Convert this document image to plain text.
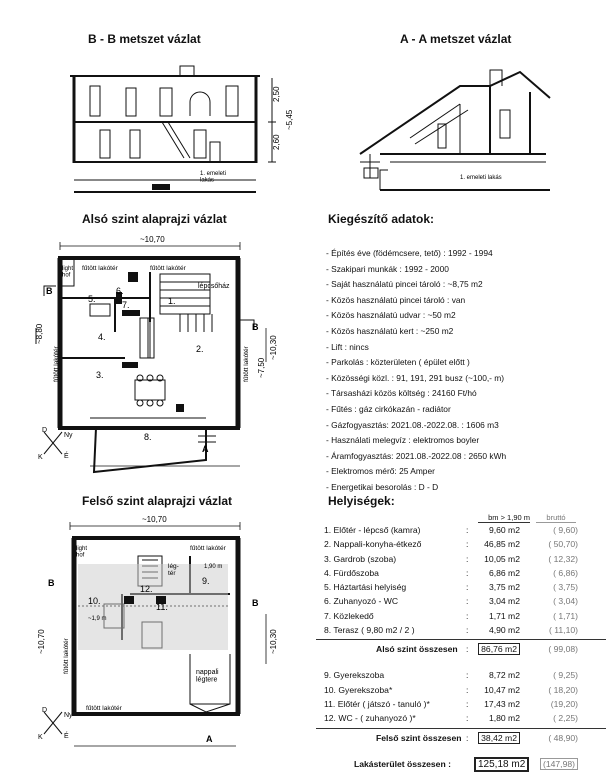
B - B metszet vázlat	A - A metszet vázlat
Alsó szint alaprajzi vázlat	Kiegészítő adatok:
Felső szint alaprajzi vázlat	Helyiségek:
2,50
2,60
~5,45
1. emeleti lakás	1. emeleti lakás
~10,70
fűtött lakótér	fűtött lakótér
fűtött lakótér	fűtött lakótér
~8,80
~10,30
~7,50
lépcsőház
light hof
1.
2.
3.
4.
5.
6.
7.
8.
A
B
B
D
Ny
K	É
~10,70
fűtött lakótér
fűtött lakótér
fűtött lakótér
~10,70	~10,30
light hof
nappali légtere
1,90 m
~1,9 m
lég-tér
9.
10.
11.
12.
A
B
B
D
Ny
K	É
- Építés éve (födémcsere, tető) : 1992 - 1994
- Szakipari munkák : 1992 - 2000
- Saját használatú pincei tároló : ~8,75 m2
- Közös használatú pincei tároló : van
- Közös használatú udvar : ~50 m2
- Közös használatú kert : ~250 m2
- Lift : nincs
- Parkolás : közterületen ( épület előtt )
- Közösségi közl. : 91, 191, 291 busz (~100,- m)
- Társasházi közös költség : 24160 Ft/hó
- Fűtés : gáz cirkókazán - radiátor
- Gázfogyasztás: 2021.08.-2022.08. : 1606 m3
- Használati melegvíz : elektromos boyler
- Áramfogyasztás: 2021.08.-2022.08 : 2650 kWh
- Elektromos mérő: 25 Amper
- Energetikai besorolás : D - D
bm > 1,90 m	bruttó
1. Előtér - lépcső (kamra)	:	9,60 m2	( 9,60)
2. Nappali-konyha-étkező	:	46,85 m2	( 50,70)
3. Gardrob (szoba)	:	10,05 m2	( 12,32)
4. Fürdőszoba	:	6,86 m2	( 6,86)
5. Háztartási helyiség	:	3,75 m2	( 3,75)
6. Zuhanyozó - WC	:	3,04 m2	( 3,04)
7. Közlekedő	:	1,71 m2	( 1,71)
8. Terasz ( 9,80 m2 / 2 )	:	4,90 m2	( 11,10)
Alsó szint összesen :	86,76 m2	( 99,08)
9. Gyerekszoba	:	8,72 m2	( 9,25)
10. Gyerekszoba*	:	10,47 m2	( 18,20)
11. Előtér ( játszó - tanuló )*	:	17,43 m2	(19,20)
12. WC - ( zuhanyozó )*	:	1,80 m2	( 2,25)
Felső szint összesen :	38,42 m2	( 48,90)
Lakásterület összesen :	125,18 m2	(147,98)
